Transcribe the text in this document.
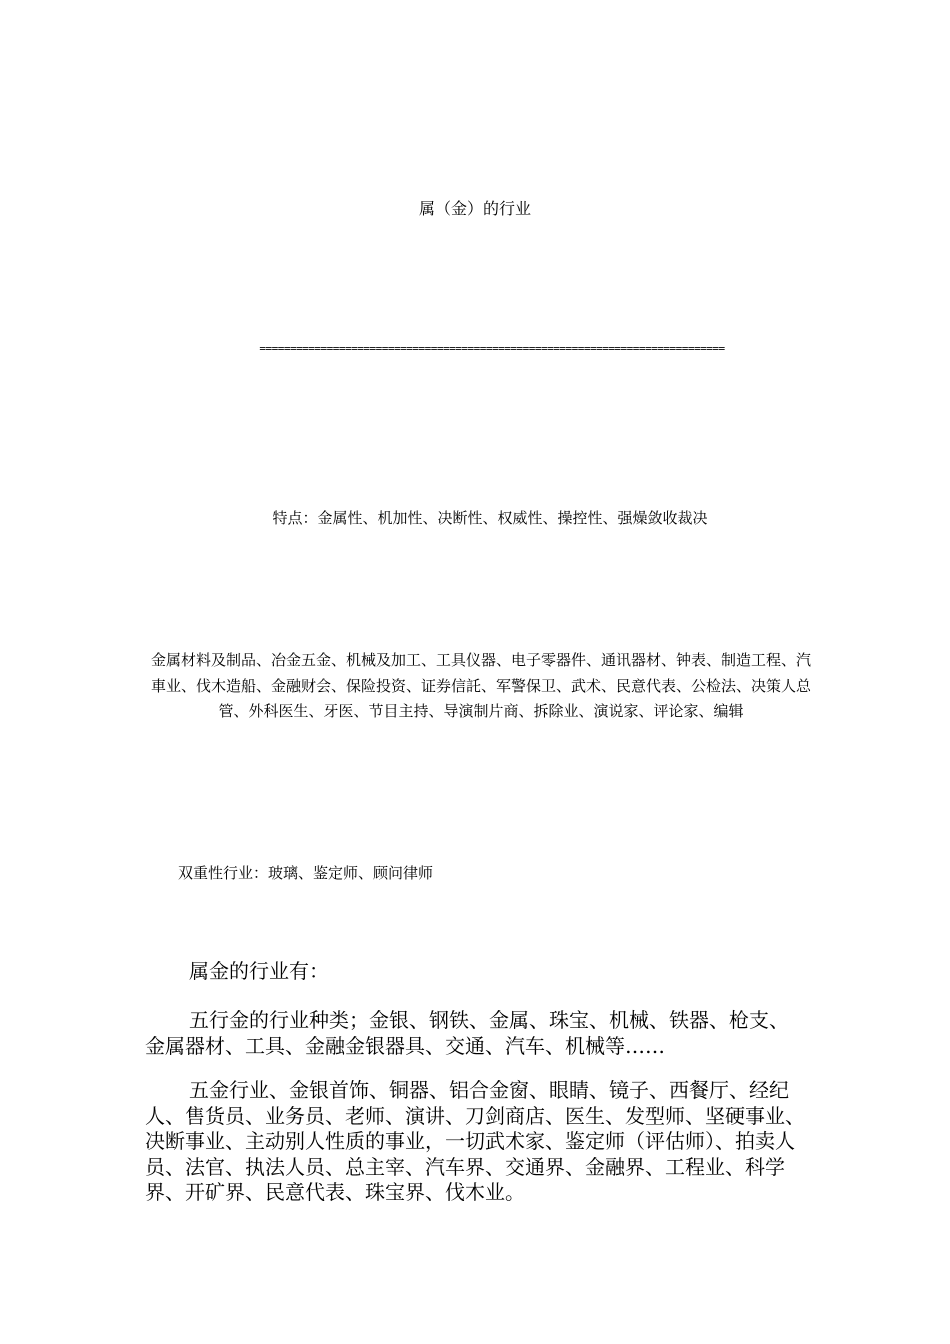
属（金）的行业
============================================================================
特点：金属性、机加性、决断性、权威性、操控性、强燥敛收裁决
金属材料及制品、冶金五金、机械及加工、工具仪器、电子零器件、通讯器材、钟表、制造工程、汽車业、伐木造船、金融财会、保险投资、证券信託、军警保卫、武术、民意代表、公检法、决策人总管、外科医生、牙医、节目主持、导演制片商、拆除业、演说家、评论家、编辑
双重性行业：玻璃、鉴定师、顾问律师
属金的行业有：
五行金的行业种类；金银、钢铁、金属、珠宝、机械、铁器、枪支、金属器材、工具、金融金银器具、交通、汽车、机械等……
五金行业、金银首饰、铜器、铝合金窗、眼睛、镜子、西餐厅、经纪人、售货员、业务员、老师、演讲、刀剑商店、医生、发型师、坚硬事业、决断事业、主动别人性质的事业，一切武术家、鉴定师（评估师）、拍卖人员、法官、执法人员、总主宰、汽车界、交通界、金融界、工程业、科学界、开矿界、民意代表、珠宝界、伐木业。
